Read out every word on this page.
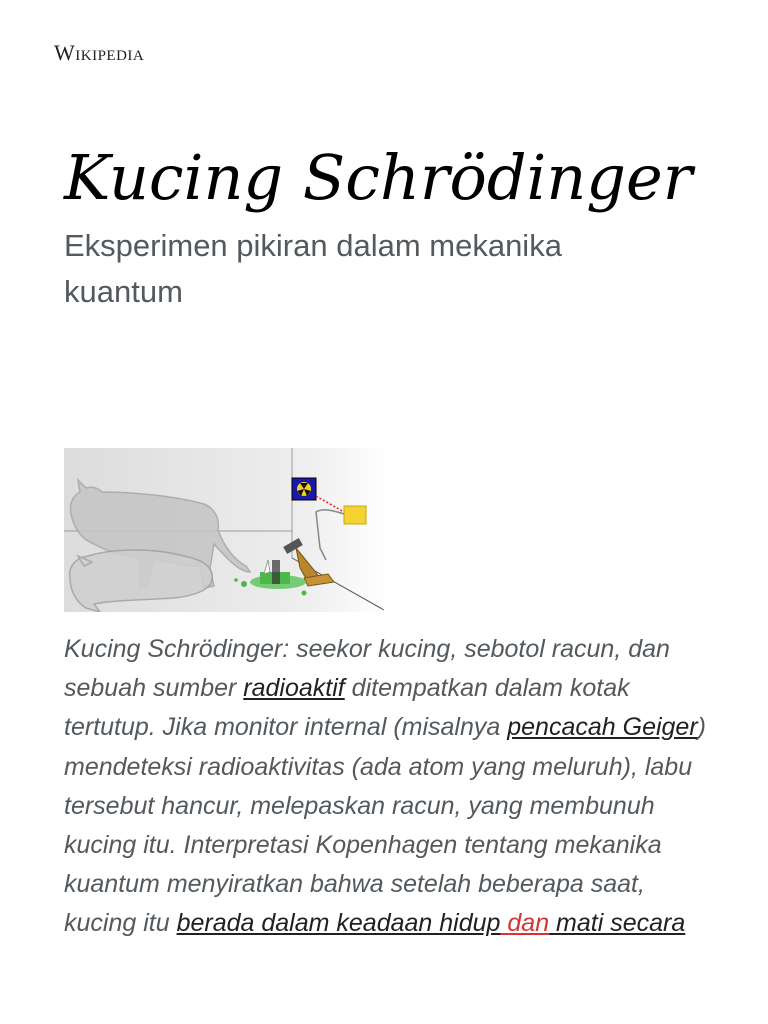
Wikipedia
Kucing Schrödinger

Eksperimen pikiran dalam mekanika kuantum

Kucing Schrödinger: seekor kucing, sebotol racun, dan sebuah sumber radioaktif ditempatkan dalam kotak tertutup. Jika monitor internal (misalnya pencacah Geiger) mendeteksi radioaktivitas (ada atom yang meluruh), labu tersebut hancur, melepaskan racun, yang membunuh kucing itu. Interpretasi Kopenhagen tentang mekanika kuantum menyiratkan bahwa setelah beberapa saat, kucing itu berada dalam keadaan hidup dan mati secara
